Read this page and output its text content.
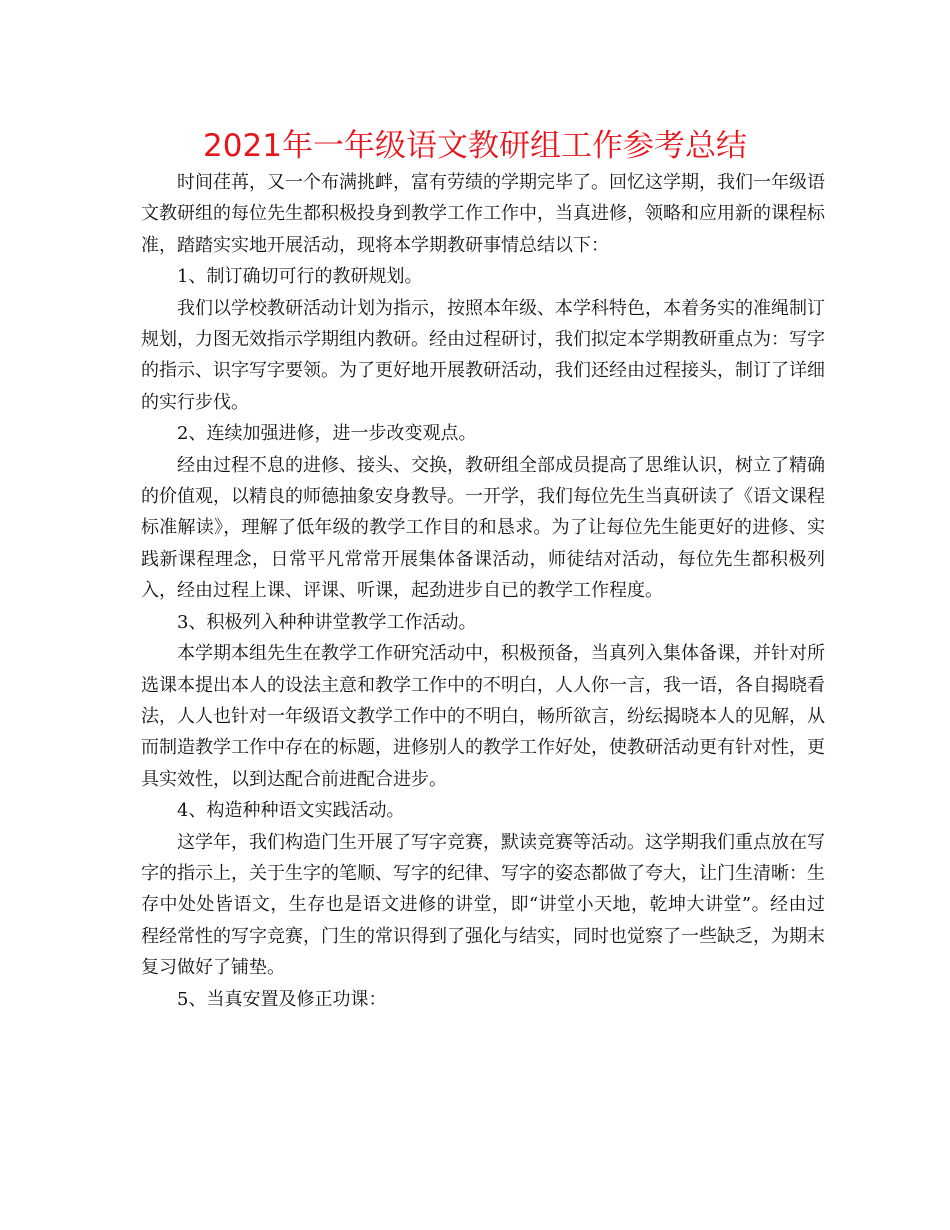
2021年一年级语文教研组工作参考总结

时间荏苒，又一个布满挑衅，富有劳绩的学期完毕了。回忆这学期，我们一年级语文教研组的每位先生都积极投身到教学工作工作中，当真进修，领略和应用新的课程标准，踏踏实实地开展活动，现将本学期教研事情总结以下：

1、制订确切可行的教研规划。

我们以学校教研活动计划为指示，按照本年级、本学科特色，本着务实的准绳制订规划，力图无效指示学期组内教研。经由过程研讨，我们拟定本学期教研重点为：写字的指示、识字写字要领。为了更好地开展教研活动，我们还经由过程接头，制订了详细的实行步伐。

2、连续加强进修，进一步改变观点。

经由过程不息的进修、接头、交换，教研组全部成员提高了思维认识，树立了精确的价值观，以精良的师德抽象安身教导。一开学，我们每位先生当真研读了《语文课程标准解读》，理解了低年级的教学工作目的和恳求。为了让每位先生能更好的进修、实践新课程理念，日常平凡常常开展集体备课活动，师徒结对活动，每位先生都积极列入，经由过程上课、评课、听课，起劲进步自已的教学工作程度。

3、积极列入种种讲堂教学工作活动。

本学期本组先生在教学工作研究活动中，积极预备，当真列入集体备课，并针对所选课本提出本人的设法主意和教学工作中的不明白，人人你一言，我一语，各自揭晓看法，人人也针对一年级语文教学工作中的不明白，畅所欲言，纷纭揭晓本人的见解，从而制造教学工作中存在的标题，进修别人的教学工作好处，使教研活动更有针对性，更具实效性，以到达配合前进配合进步。

4、构造种种语文实践活动。

这学年，我们构造门生开展了写字竞赛，默读竞赛等活动。这学期我们重点放在写字的指示上，关于生字的笔顺、写字的纪律、写字的姿态都做了夸大，让门生清晰：生存中处处皆语文，生存也是语文进修的讲堂，即“讲堂小天地，乾坤大讲堂”。经由过程经常性的写字竞赛，门生的常识得到了强化与结实，同时也觉察了一些缺乏，为期末复习做好了铺垫。

5、当真安置及修正功课：
